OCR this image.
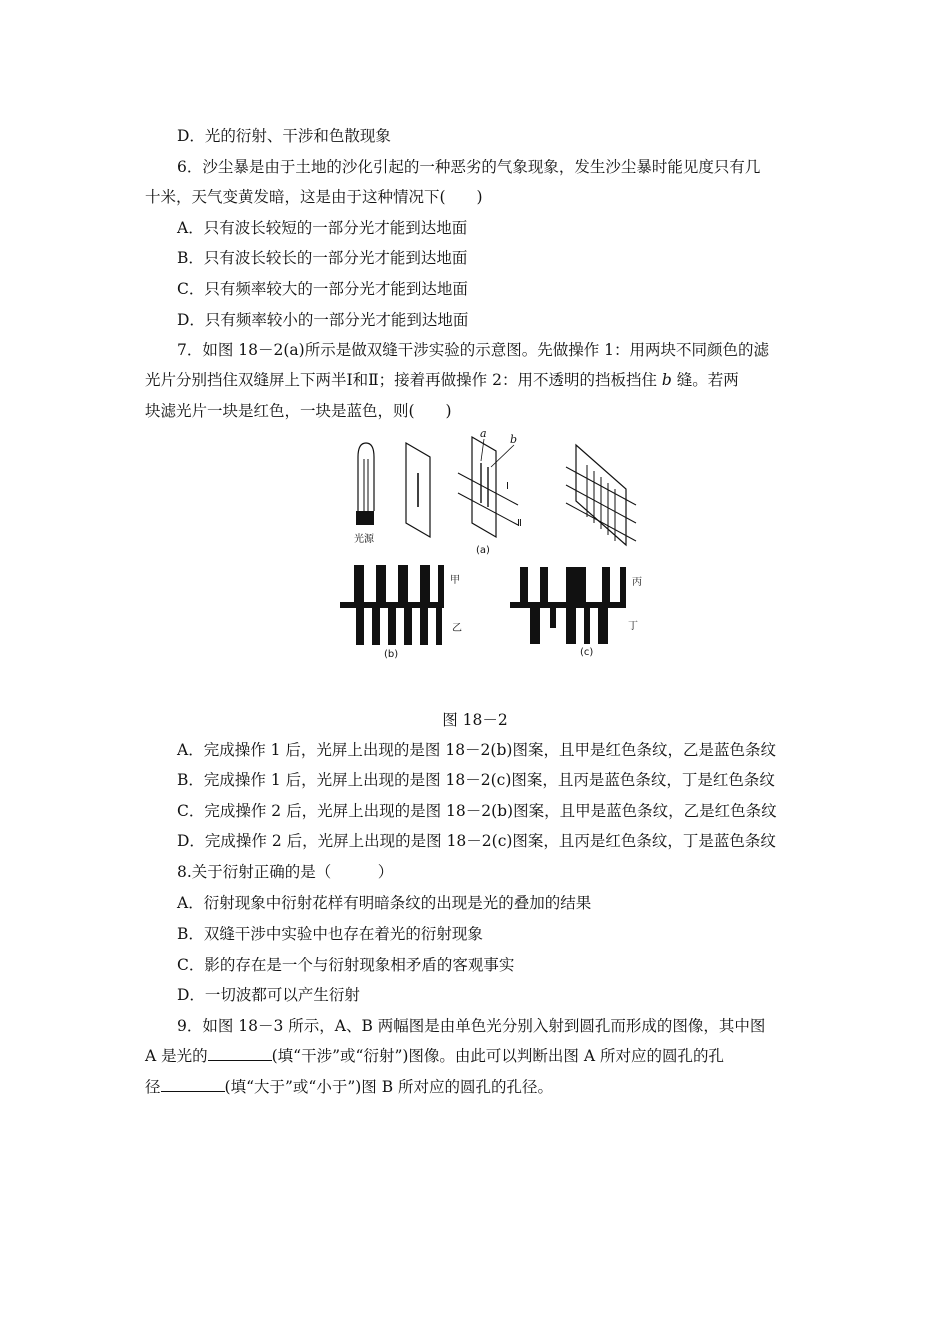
D．光的衍射、干涉和色散现象
6．沙尘暴是由于土地的沙化引起的一种恶劣的气象现象，发生沙尘暴时能见度只有几
十米，天气变黄发暗，这是由于这种情况下(　　)
A．只有波长较短的一部分光才能到达地面
B．只有波长较长的一部分光才能到达地面
C．只有频率较大的一部分光才能到达地面
D．只有频率较小的一部分光才能到达地面
7．如图 18－2(a)所示是做双缝干涉实验的示意图。先做操作 1：用两块不同颜色的滤
光片分别挡住双缝屏上下两半Ⅰ和Ⅱ；接着再做操作 2：用不透明的挡板挡住 b 缝。若两
块滤光片一块是红色，一块是蓝色，则(　　)
光源
a b
Ⅰ
Ⅱ
(a)
甲
乙
(b)
丙
丁
(c)
图 18－2
A．完成操作 1 后，光屏上出现的是图 18－2(b)图案，且甲是红色条纹，乙是蓝色条纹
B．完成操作 1 后，光屏上出现的是图 18－2(c)图案，且丙是蓝色条纹，丁是红色条纹
C．完成操作 2 后，光屏上出现的是图 18－2(b)图案，且甲是蓝色条纹，乙是红色条纹
D．完成操作 2 后，光屏上出现的是图 18－2(c)图案，且丙是红色条纹，丁是蓝色条纹
8.关于衍射正确的是（　　　）
A．衍射现象中衍射花样有明暗条纹的出现是光的叠加的结果
B．双缝干涉中实验中也存在着光的衍射现象
C．影的存在是一个与衍射现象相矛盾的客观事实
D．一切波都可以产生衍射
9．如图 18－3 所示，A、B 两幅图是由单色光分别入射到圆孔而形成的图像，其中图
A 是光的	(填“干涉”或“衍射”)图像。由此可以判断出图 A 所对应的圆孔的孔
径	(填“大于”或“小于”)图 B 所对应的圆孔的孔径。
